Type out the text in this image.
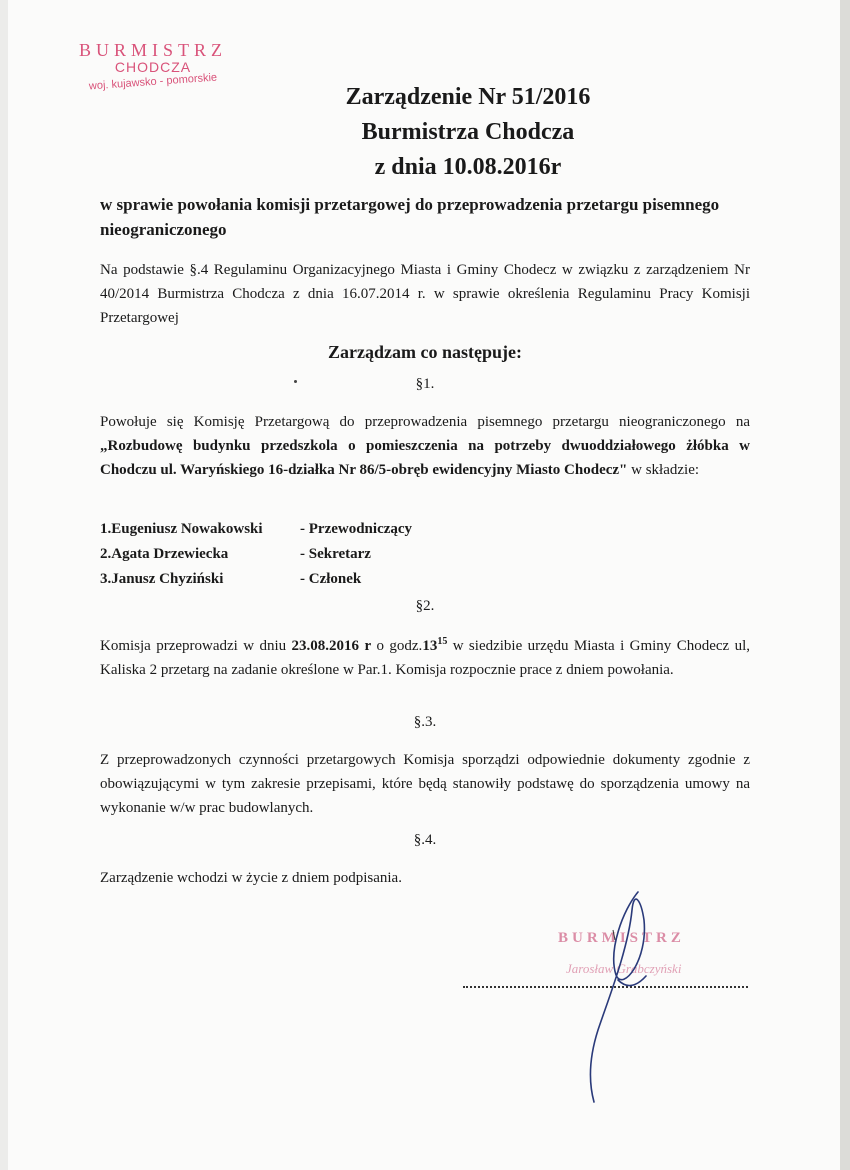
BURMISTRZ
CHODCZA
woj. kujawsko - pomorskie
Zarządzenie Nr 51/2016
Burmistrza Chodcza
z dnia 10.08.2016r
w sprawie powołania komisji przetargowej do przeprowadzenia przetargu pisemnego nieograniczonego
Na podstawie §.4 Regulaminu Organizacyjnego Miasta i Gminy Chodecz w związku z zarządzeniem Nr 40/2014 Burmistrza Chodcza z dnia 16.07.2014 r. w sprawie określenia Regulaminu Pracy Komisji Przetargowej
Zarządzam co następuje:
§1.
Powołuje się Komisję Przetargową do przeprowadzenia pisemnego przetargu nieograniczonego na „Rozbudowę budynku przedszkola o pomieszczenia na potrzeby dwuoddziałowego żłóbka w Chodczu ul. Waryńskiego 16-działka Nr 86/5-obręb ewidencyjny Miasto Chodecz" w składzie:
1.Eugeniusz Nowakowski	- Przewodniczący
2.Agata Drzewiecka	- Sekretarz
3.Janusz Chyziński	- Członek
§2.
Komisja przeprowadzi w dniu 23.08.2016 r o $godz.13^{15}$ w siedzibie urzędu Miasta i Gminy Chodecz ul, Kaliska 2 przetarg na zadanie określone w Par.1. Komisja rozpocznie prace z dniem powołania.
§.3.
Z przeprowadzonych czynności przetargowych Komisja sporządzi odpowiednie dokumenty zgodnie z obowiązującymi w tym zakresie przepisami, które będą stanowiły podstawę do sporządzenia umowy na wykonanie w/w prac budowlanych.
§.4.
Zarządzenie wchodzi w życie z dniem podpisania.
BURMISTRZ
Jarosław Grabczyński
